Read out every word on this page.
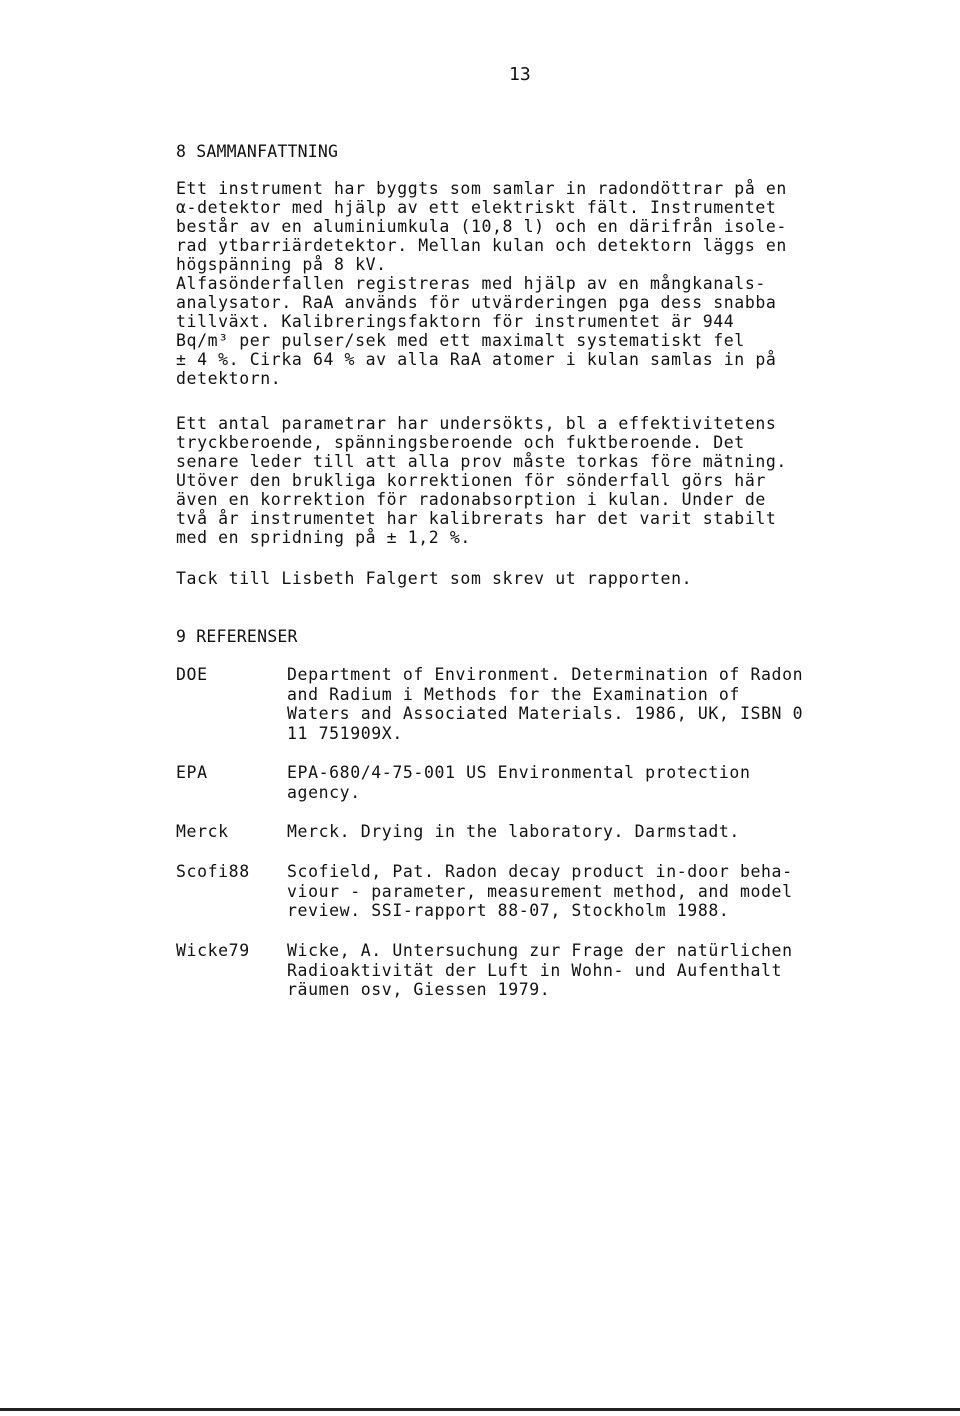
13
8 SAMMANFATTNING

Ett instrument har byggts som samlar in radondöttrar på en
α-detektor med hjälp av ett elektriskt fält. Instrumentet
består av en aluminiumkula (10,8 l) och en därifrån isole-
rad ytbarriärdetektor. Mellan kulan och detektorn läggs en
högspänning på 8 kV.
Alfasönderfallen registreras med hjälp av en mångkanals-
analysator. RaA används för utvärderingen pga dess snabba
tillväxt. Kalibreringsfaktorn för instrumentet är 944
Bq/m³ per pulser/sek med ett maximalt systematiskt fel
± 4 %. Cirka 64 % av alla RaA atomer i kulan samlas in på
detektorn.

Ett antal parametrar har undersökts, bl a effektivitetens
tryckberoende, spänningsberoende och fuktberoende. Det
senare leder till att alla prov måste torkas före mätning.
Utöver den brukliga korrektionen för sönderfall görs här
även en korrektion för radonabsorption i kulan. Under de
två år instrumentet har kalibrerats har det varit stabilt
med en spridning på ± 1,2 %.

Tack till Lisbeth Falgert som skrev ut rapporten.

9 REFERENSER
DOE	Department of Environment. Determination of Radon
and Radium i Methods for the Examination of
Waters and Associated Materials. 1986, UK, ISBN 0
11 751909X.

EPA	EPA-680/4-75-001 US Environmental protection
agency.

Merck	Merck. Drying in the laboratory. Darmstadt.

Scofi88 Scofield, Pat. Radon decay product in-door beha-
viour - parameter, measurement method, and model
review. SSI-rapport 88-07, Stockholm 1988.

Wicke79 Wicke, A. Untersuchung zur Frage der natürlichen
Radioaktivität der Luft in Wohn- und Aufenthalt
räumen osv, Giessen 1979.
